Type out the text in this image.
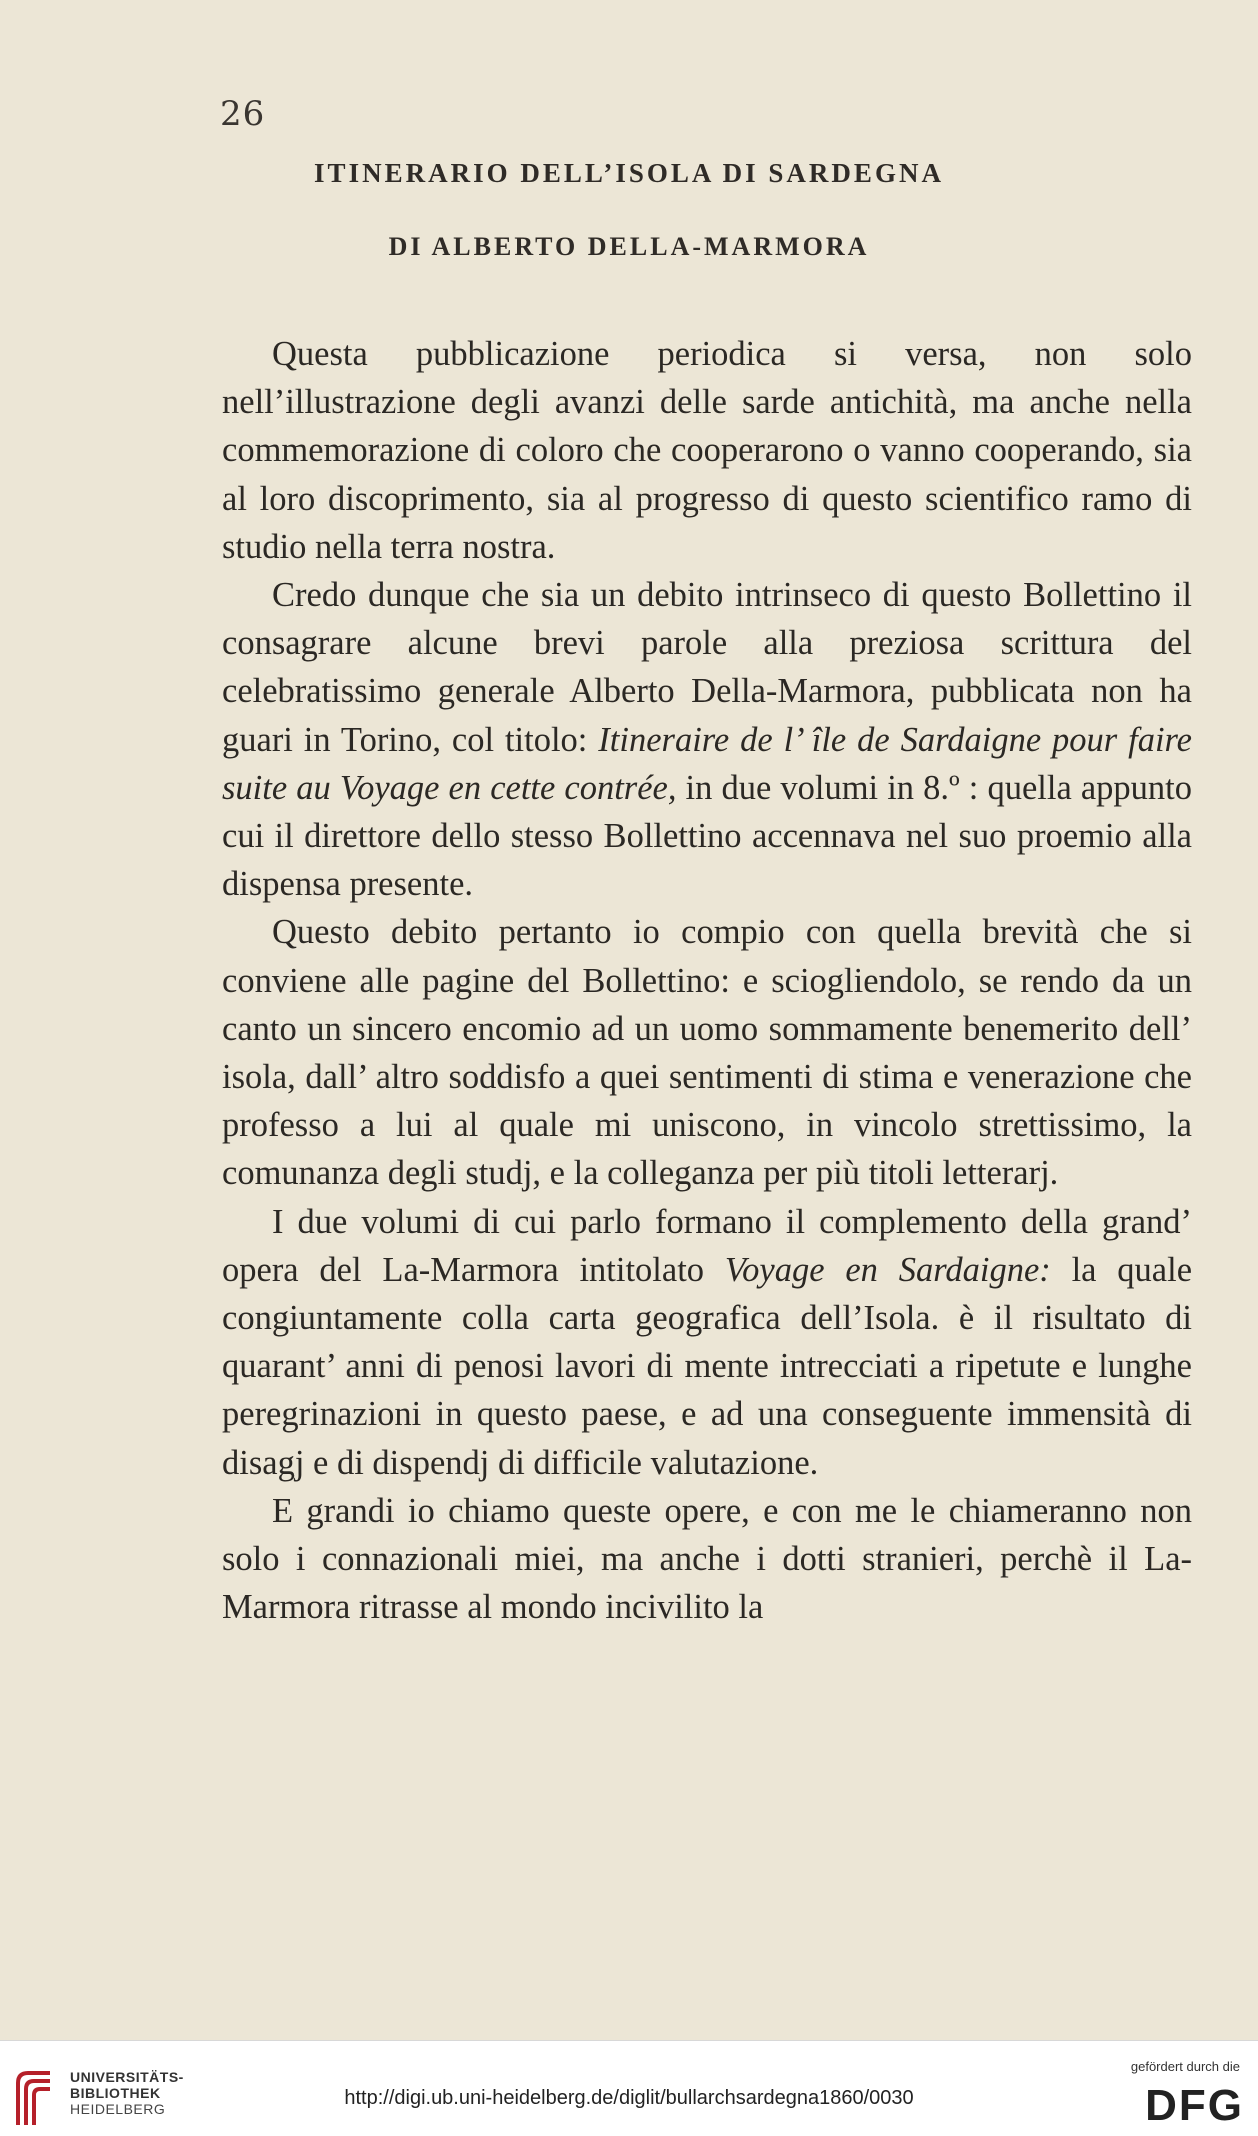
26
ITINERARIO DELL’ISOLA DI SARDEGNA
DI ALBERTO DELLA-MARMORA

Questa pubblicazione periodica si versa, non solo nell’illustrazione degli avanzi delle sarde antichità, ma anche nella commemorazione di coloro che cooperarono o vanno cooperando, sia al loro discoprimento, sia al progresso di questo scientifico ramo di studio nella terra nostra.

Credo dunque che sia un debito intrinseco di questo Bollettino il consagrare alcune brevi parole alla preziosa scrittura del celebratissimo generale Alberto Della-Marmora, pubblicata non ha guari in Torino, col titolo: Itineraire de l’ île de Sardaigne pour faire suite au Voyage en cette contrée, in due volumi in 8.º : quella appunto cui il direttore dello stesso Bollettino accennava nel suo proemio alla dispensa presente.

Questo debito pertanto io compio con quella brevità che si conviene alle pagine del Bollettino: e sciogliendolo, se rendo da un canto un sincero encomio ad un uomo sommamente benemerito dell’ isola, dall’ altro soddisfo a quei sentimenti di stima e venerazione che professo a lui al quale mi uniscono, in vincolo strettissimo, la comunanza degli studj, e la colleganza per più titoli letterarj.

I due volumi di cui parlo formano il complemento della grand’ opera del La-Marmora intitolato Voyage en Sardaigne: la quale congiuntamente colla carta geografica dell’Isola. è il risultato di quarant’ anni di penosi lavori di mente intrecciati a ripetute e lunghe peregrinazioni in questo paese, e ad una conseguente immensità di disagj e di dispendj di difficile valutazione.

E grandi io chiamo queste opere, e con me le chiameranno non solo i connazionali miei, ma anche i dotti stranieri, perchè il La-Marmora ritrasse al mondo incivilito la

UNIVERSITÄTS-
BIBLIOTHEK
HEIDELBERG	http://digi.ub.uni-heidelberg.de/diglit/bullarchsardegna1860/0030
gefördert durch die
DFG
